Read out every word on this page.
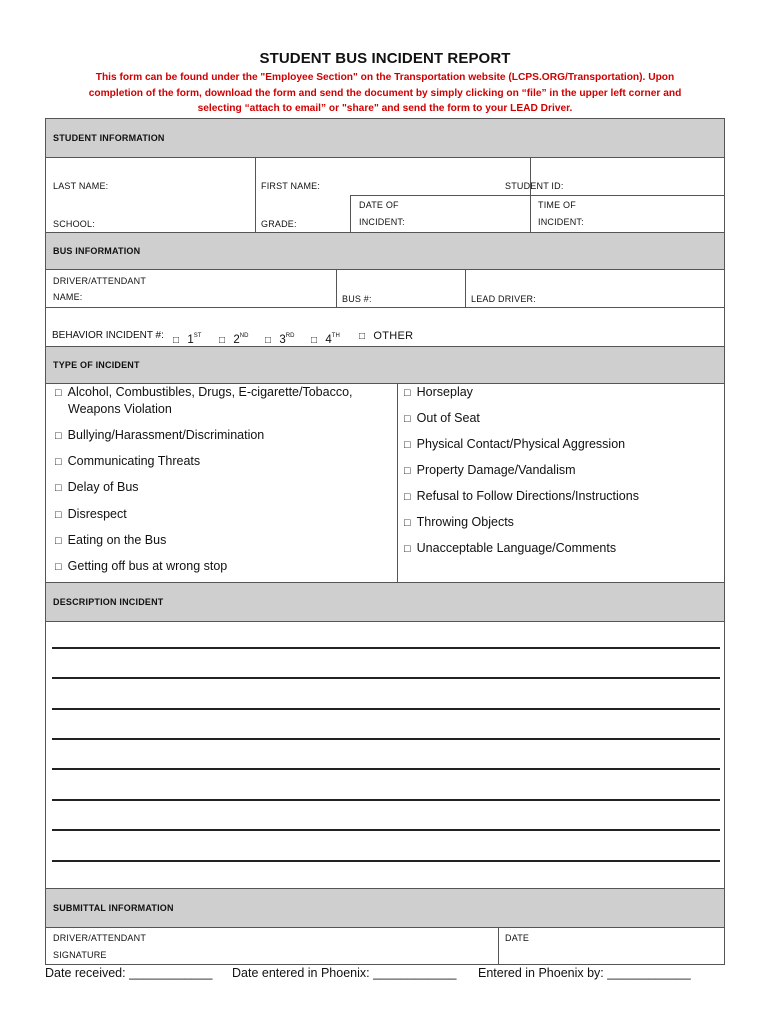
STUDENT BUS INCIDENT REPORT
This form can be found under the "Employee Section" on the Transportation website (LCPS.ORG/Transportation). Upon
completion of the form, download the form and send the document by simply clicking on “file” in the upper left corner and
selecting “attach to email” or "share" and send the form to your LEAD Driver.
STUDENT INFORMATION
LAST NAME:	FIRST NAME:	STUDENT ID:
SCHOOL:	GRADE:
DATE OF
INCIDENT:
TIME OF
INCIDENT:
BUS INFORMATION
DRIVER/ATTENDANT
NAME:	BUS #:	LEAD DRIVER:
BEHAVIOR INCIDENT #: □ 1ST □ 2ND □ 3RD □ 4TH □ OTHER
TYPE OF INCIDENT
□ Alcohol, Combustibles, Drugs, E-cigarette/Tobacco,
Weapons Violation
□ Bullying/Harassment/Discrimination
□ Communicating Threats
□ Delay of Bus
□ Disrespect
□ Eating on the Bus
□ Getting off bus at wrong stop
□ Horseplay
□ Out of Seat
□ Physical Contact/Physical Aggression
□ Property Damage/Vandalism
□ Refusal to Follow Directions/Instructions
□ Throwing Objects
□ Unacceptable Language/Comments
DESCRIPTION INCIDENT
SUBMITTAL INFORMATION
DRIVER/ATTENDANT
SIGNATURE
DATE
Date received: ____________ Date entered in Phoenix: ____________ Entered in Phoenix by: ____________
